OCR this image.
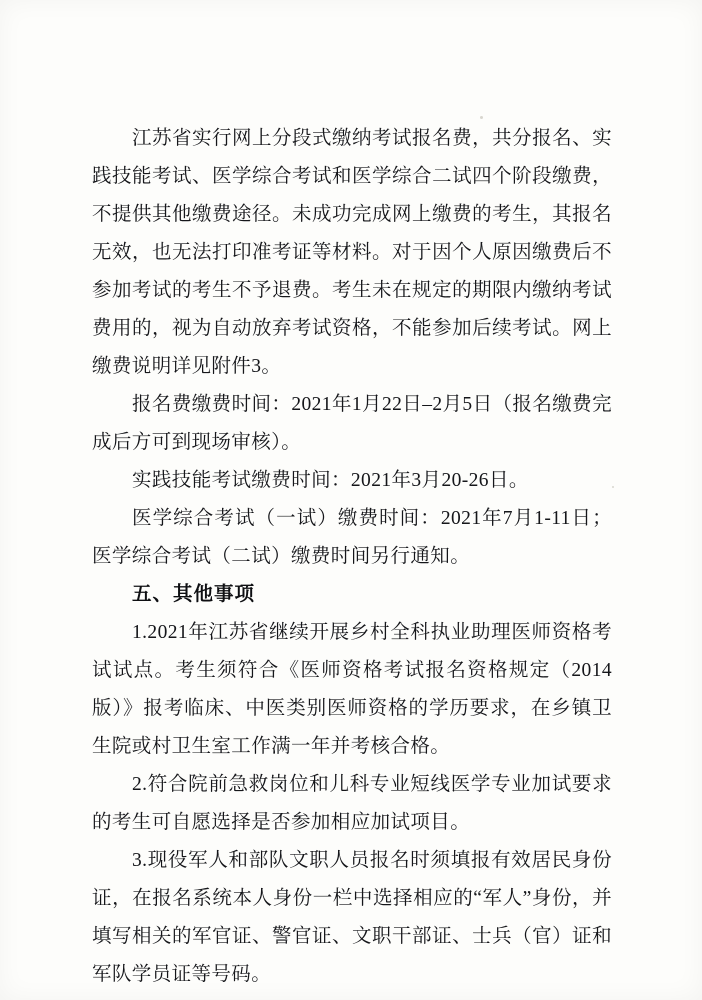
江苏省实行网上分段式缴纳考试报名费，共分报名、实践技能考试、医学综合考试和医学综合二试四个阶段缴费，不提供其他缴费途径。未成功完成网上缴费的考生，其报名无效，也无法打印准考证等材料。对于因个人原因缴费后不参加考试的考生不予退费。考生未在规定的期限内缴纳考试费用的，视为自动放弃考试资格，不能参加后续考试。网上缴费说明详见附件3。

报名费缴费时间：2021年1月22日–2月5日（报名缴费完成后方可到现场审核）。

实践技能考试缴费时间：2021年3月20-26日。

医学综合考试（一试）缴费时间：2021年7月1-11日；医学综合考试（二试）缴费时间另行通知。

五、其他事项

1.2021年江苏省继续开展乡村全科执业助理医师资格考试试点。考生须符合《医师资格考试报名资格规定（2014版）》报考临床、中医类别医师资格的学历要求，在乡镇卫生院或村卫生室工作满一年并考核合格。

2.符合院前急救岗位和儿科专业短线医学专业加试要求的考生可自愿选择是否参加相应加试项目。

3.现役军人和部队文职人员报名时须填报有效居民身份证，在报名系统本人身份一栏中选择相应的“军人”身份，并填写相关的军官证、警官证、文职干部证、士兵（官）证和军队学员证等号码。
